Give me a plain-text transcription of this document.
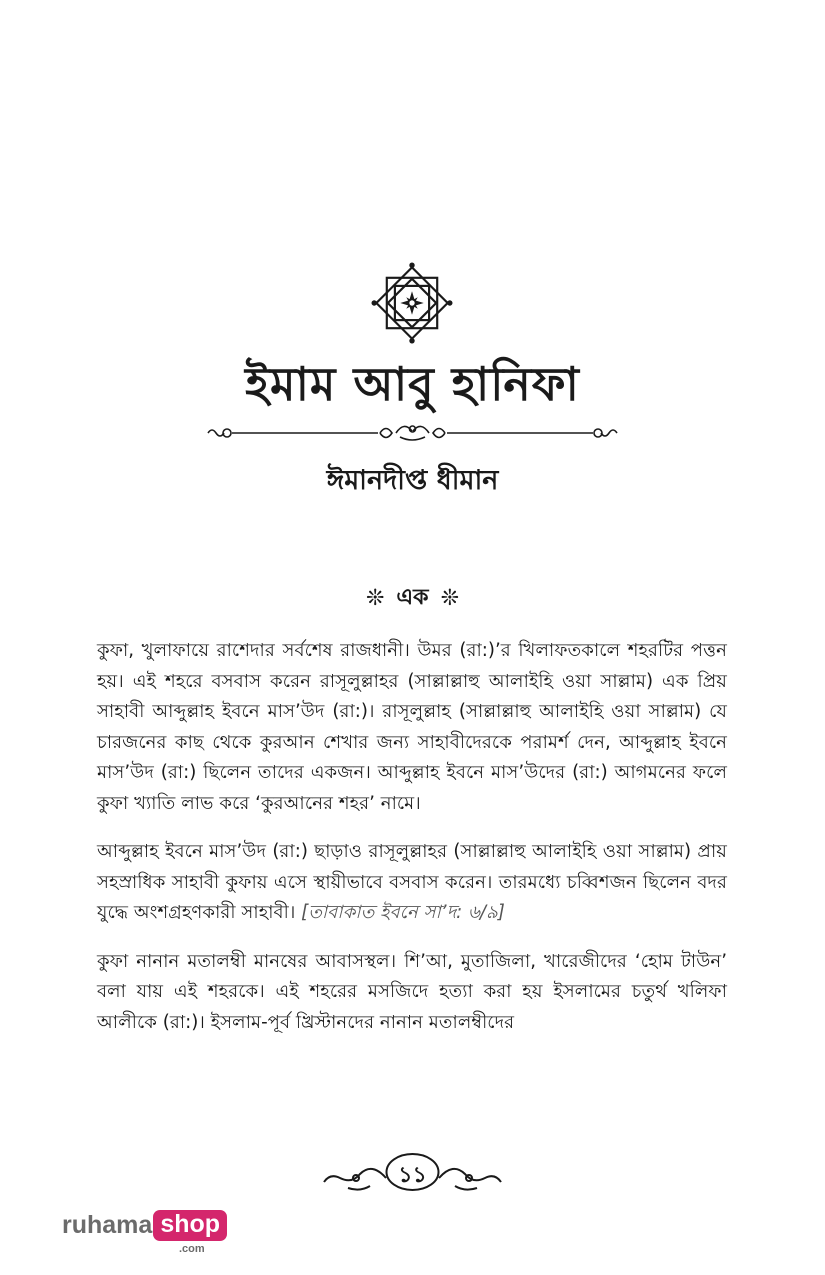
ইমাম আবু হানিফা
ঈমানদীপ্ত ধীমান
❊ এক ❊

কুফা, খুলাফায়ে রাশেদার সর্বশেষ রাজধানী। উমর (রা:)’র খিলাফতকালে শহরটির পত্তন হয়। এই শহরে বসবাস করেন রাসূলুল্লাহর (সাল্লাল্লাহু আলাইহি ওয়া সাল্লাম) এক প্রিয় সাহাবী আব্দুল্লাহ ইবনে মাস’উদ (রা:)। রাসূলুল্লাহ (সাল্লাল্লাহু আলাইহি ওয়া সাল্লাম) যে চারজনের কাছ থেকে কুরআন শেখার জন্য সাহাবীদেরকে পরামর্শ দেন, আব্দুল্লাহ ইবনে মাস’উদ (রা:) ছিলেন তাদের একজন। আব্দুল্লাহ ইবনে মাস’উদের (রা:) আগমনের ফলে কুফা খ্যাতি লাভ করে ‘কুরআনের শহর’ নামে।

আব্দুল্লাহ ইবনে মাস’উদ (রা:) ছাড়াও রাসূলুল্লাহর (সাল্লাল্লাহু আলাইহি ওয়া সাল্লাম) প্রায় সহস্রাধিক সাহাবী কুফায় এসে স্থায়ীভাবে বসবাস করেন। তারমধ্যে চব্বিশজন ছিলেন বদর যুদ্ধে অংশগ্রহণকারী সাহাবী। [তাবাকাত ইবনে সা’দ: ৬/৯]

কুফা নানান মতালম্বী মানষের আবাসস্থল। শি’আ, মুতাজিলা, খারেজীদের ‘হোম টাউন’ বলা যায় এই শহরকে। এই শহরের মসজিদে হত্যা করা হয় ইসলামের চতুর্থ খলিফা আলীকে (রা:)। ইসলাম-পূর্ব খ্রিস্টানদের নানান মতালম্বীদের

১১
ruhama shop
.com
